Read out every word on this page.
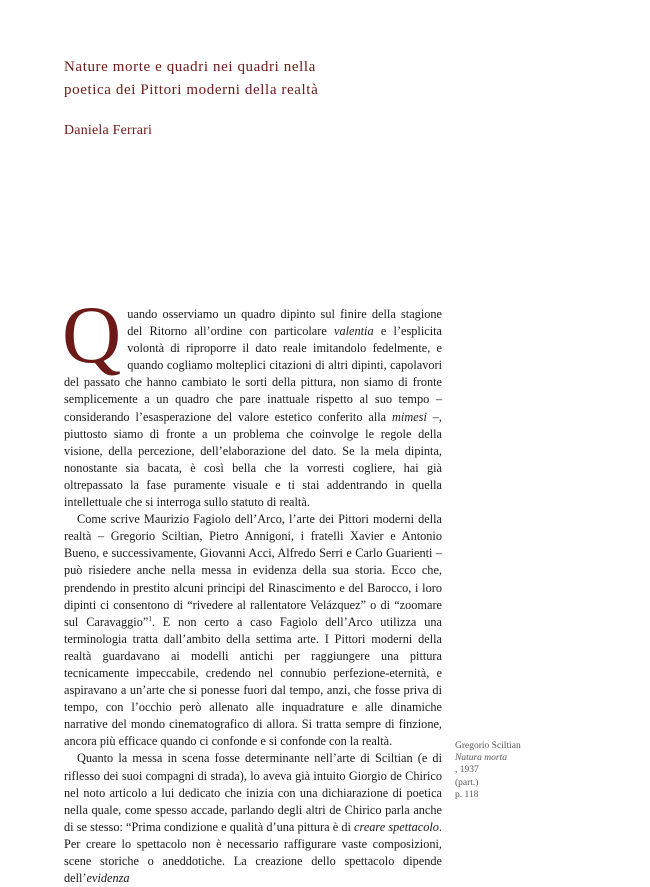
Nature morte e quadri nei quadri nella
poetica dei Pittori moderni della realtà
Daniela Ferrari

Quando osserviamo un quadro dipinto sul finire della stagione del Ritorno all’ordine con particolare valentia e l’esplicita volontà di riproporre il dato reale imitandolo fedelmente, e quando cogliamo molteplici citazioni di altri dipinti, capolavori del passato che hanno cambiato le sorti della pittura, non siamo di fronte semplicemente a un quadro che pare inattuale rispetto al suo tempo – considerando l’esasperazione del valore estetico conferito alla mimesi –, piuttosto siamo di fronte a un problema che coinvolge le regole della visione, della percezione, dell’elaborazione del dato. Se la mela dipinta, nonostante sia bacata, è così bella che la vorresti cogliere, hai già oltrepassato la fase puramente visuale e ti stai addentrando in quella intellettuale che si interroga sullo statuto di realtà.

Come scrive Maurizio Fagiolo dell’Arco, l’arte dei Pittori moderni della realtà – Gregorio Sciltian, Pietro Annigoni, i fratelli Xavier e Antonio Bueno, e successivamente, Giovanni Acci, Alfredo Serri e Carlo Guarienti – può risiedere anche nella messa in evidenza della sua storia. Ecco che, prendendo in prestito alcuni principi del Rinascimento e del Barocco, i loro dipinti ci consentono di “rivedere al rallentatore Velázquez” o di “zoomare sul Caravaggio”$^1$. E non certo a caso Fagiolo dell’Arco utilizza una terminologia tratta dall’ambito della settima arte. I Pittori moderni della realtà guardavano ai modelli antichi per raggiungere una pittura tecnicamente impeccabile, credendo nel connubio perfezione-eternità, e aspiravano a un’arte che si ponesse fuori dal tempo, anzi, che fosse priva di tempo, con l’occhio però allenato alle inquadrature e alle dinamiche narrative del mondo cinematografico di allora. Si tratta sempre di finzione, ancora più efficace quando ci confonde e si confonde con la realtà.

Quanto la messa in scena fosse determinante nell’arte di Sciltian (e di riflesso dei suoi compagni di strada), lo aveva già intuito Giorgio de Chirico nel noto articolo a lui dedicato che inizia con una dichiarazione di poetica nella quale, come spesso accade, parlando degli altri de Chirico parla anche di se stesso: “Prima condizione e qualità d’una pittura è di creare spettacolo. Per creare lo spettacolo non è necessario raffigurare vaste composizioni, scene storiche o aneddotiche. La creazione dello spettacolo dipende dell’evidenza

Gregorio Sciltian
Natura morta
, 1937
(part.)
p. 118
